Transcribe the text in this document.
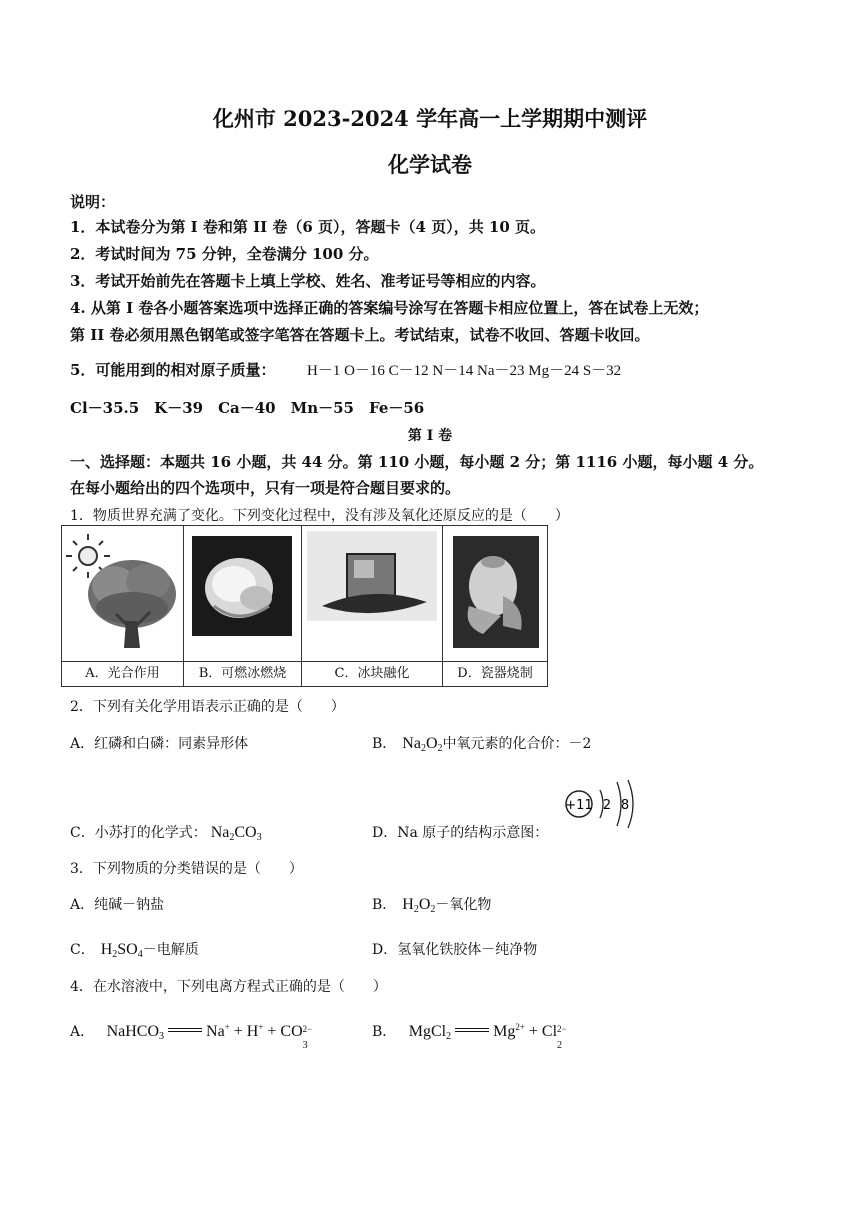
化州市 2023-2024 学年高一上学期期中测评
化学试卷
说明：
1．本试卷分为第 I 卷和第 II 卷（6 页），答题卡（4 页），共 10 页。
2．考试时间为 75 分钟，全卷满分 100 分。
3．考试开始前先在答题卡上填上学校、姓名、准考证号等相应的内容。
4. 从第 I 卷各小题答案选项中选择正确的答案编号涂写在答题卡相应位置上，答在试卷上无效；
第 II 卷必须用黑色钢笔或签字笔答在答题卡上。考试结束，试卷不收回、答题卡收回。
5．可能用到的相对原子质量： H－1 O－16 C－12 N－14 Na－23 Mg－24 S－32
Cl－35.5　K－39　Ca－40　Mn－55　Fe－56
第 I 卷
一、选择题：本题共 16 小题，共 44 分。第 110 小题，每小题 2 分；第 1116 小题，每小题 4 分。
在每小题给出的四个选项中，只有一项是符合题目要求的。
1．物质世界充满了变化。下列变化过程中，没有涉及氧化还原反应的是（　　）

A．光合作用	B．可燃冰燃烧	C．冰块融化	D．瓷器烧制
2．下列有关化学用语表示正确的是（　　）
A．红磷和白磷：同素异形体	B． $Na_2O_2$中氧元素的化合价：－2
C．小苏打的化学式： $Na_2CO_3$	D．Na 原子的结构示意图：
+11 2 8
3．下列物质的分类错误的是（　　）
A．纯碱－钠盐	B． $H_2O_2-$氧化物
C． $H_2SO_4-$电解质	D．氢氧化铁胶体－纯净物
4．在水溶液中，下列电离方程式正确的是（　　）
A． NaHCO$_3$  Na+ + H+ + CO 2−
3
B． MgCl$_2$  $Mg^{2+} + Cl$ 2−
2
